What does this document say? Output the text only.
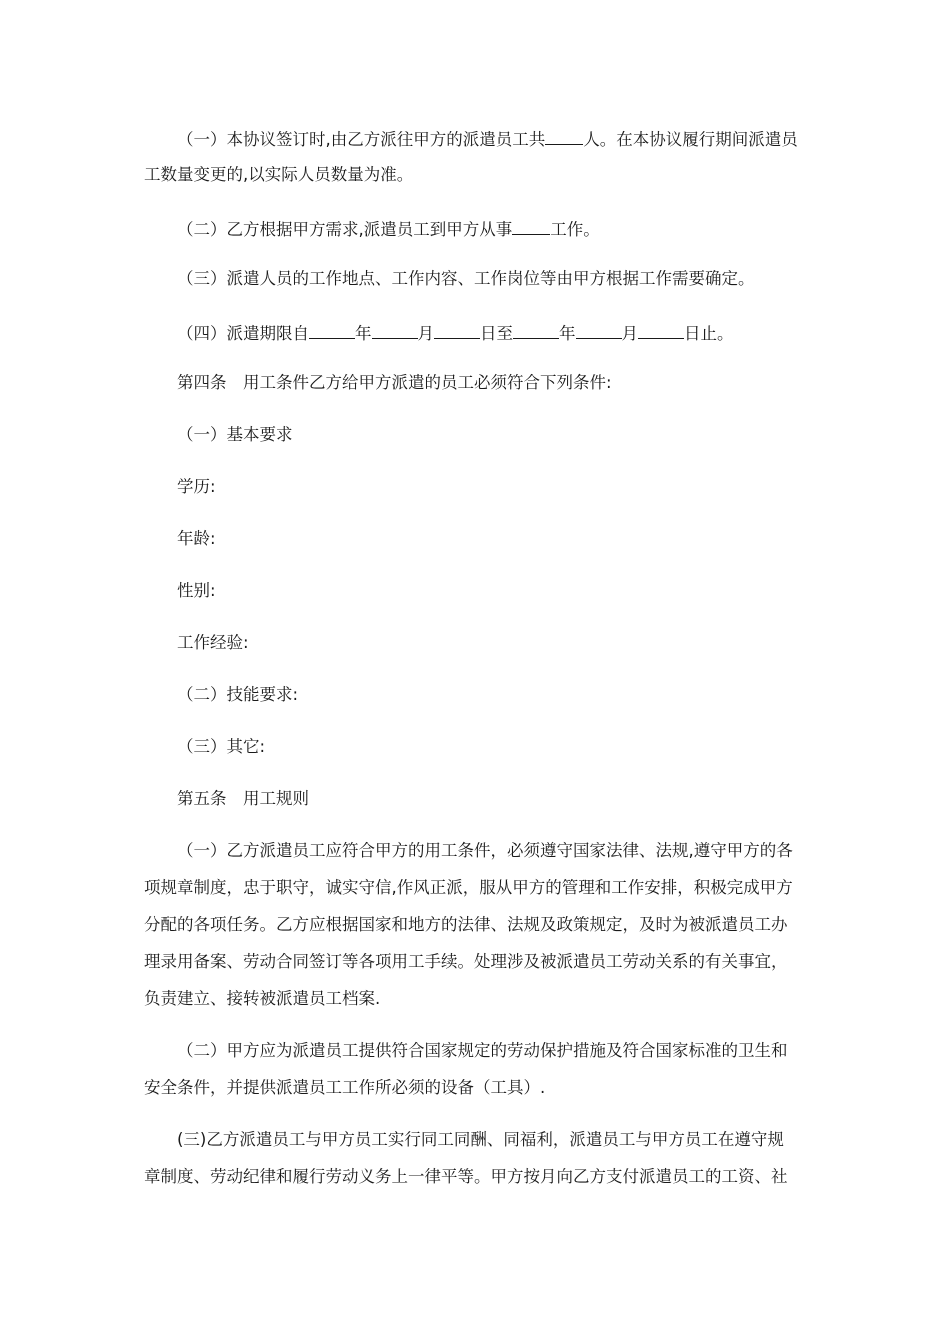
（一）本协议签订时,由乙方派往甲方的派遣员工共 人。在本协议履行期间派遣员
工数量变更的,以实际人员数量为准。
（二）乙方根据甲方需求,派遣员工到甲方从事 工作。
（三）派遣人员的工作地点、工作内容、工作岗位等由甲方根据工作需要确定。
（四）派遣期限自	年	月	日至	年	月	日止。
第四条　用工条件乙方给甲方派遣的员工必须符合下列条件:
（一）基本要求
学历:
年龄:
性别:
工作经验:
（二）技能要求:
（三）其它:
第五条　用工规则
（一）乙方派遣员工应符合甲方的用工条件，必须遵守国家法律、法规,遵守甲方的各
项规章制度，忠于职守，诚实守信,作风正派，服从甲方的管理和工作安排，积极完成甲方
分配的各项任务。乙方应根据国家和地方的法律、法规及政策规定，及时为被派遣员工办
理录用备案、劳动合同签订等各项用工手续。处理涉及被派遣员工劳动关系的有关事宜，
负责建立、接转被派遣员工档案.
（二）甲方应为派遣员工提供符合国家规定的劳动保护措施及符合国家标准的卫生和
安全条件，并提供派遣员工工作所必须的设备（工具）.
(三)乙方派遣员工与甲方员工实行同工同酬、同福利，派遣员工与甲方员工在遵守规
章制度、劳动纪律和履行劳动义务上一律平等。甲方按月向乙方支付派遣员工的工资、社
